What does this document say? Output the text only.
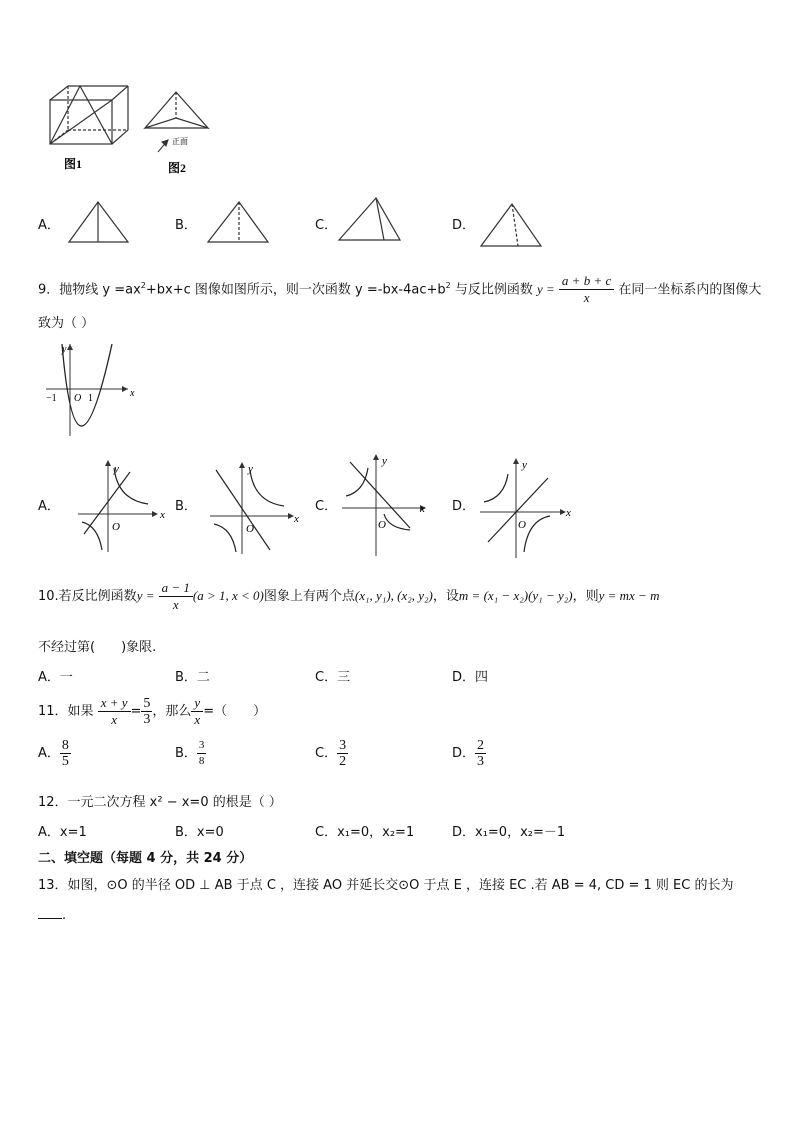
图1
正面
图2
A．	B．	C．	D．
9．抛物线 $y =ax^2+bx+c$ 图像如图所示，则一次函数 $y =-bx-4ac+b^2$ 与反比例函数 $y = \frac{a + b + c}{x}$ 在同一坐标系内的图像大
致为（ ）
y
x
O
−1	1
A．
y
x
O
B．
y
x
O
C．
y
x
O
D．
y
x
O
10.若反比例函数$y = \frac{a - 1}{x} (a > 1$, x < 0)图象上有两个点(x₁, y₁), (x₂, y₂)，设m = (x₁ − x₂)(y₁ − y₂)，则y = mx − m
不经过第(　　)象限.
A．一	B．二	C．三	D．四
11．如果 $\frac{x + y}{x} = \frac{5}{3}$ ，那么 $\frac{y}{x}$ =（　　）
A． $\frac{8}{5}$	B． $\frac{3}{8}$	C． $\frac{3}{2}$	D． $\frac{2}{3}$
12．一元二次方程 x² − x=0 的根是（ ）
A．x=1	B．x=0	C．x₁=0，x₂=1	D．x₁=0，x₂=－1
二、填空题（每题 4 分，共 24 分）
13．如图，⊙O 的半径 OD ⊥ AB 于点 C ，连接 AO 并延长交⊙O 于点 E ，连接 EC .若 AB = 4, CD = 1 则 EC 的长为
.
